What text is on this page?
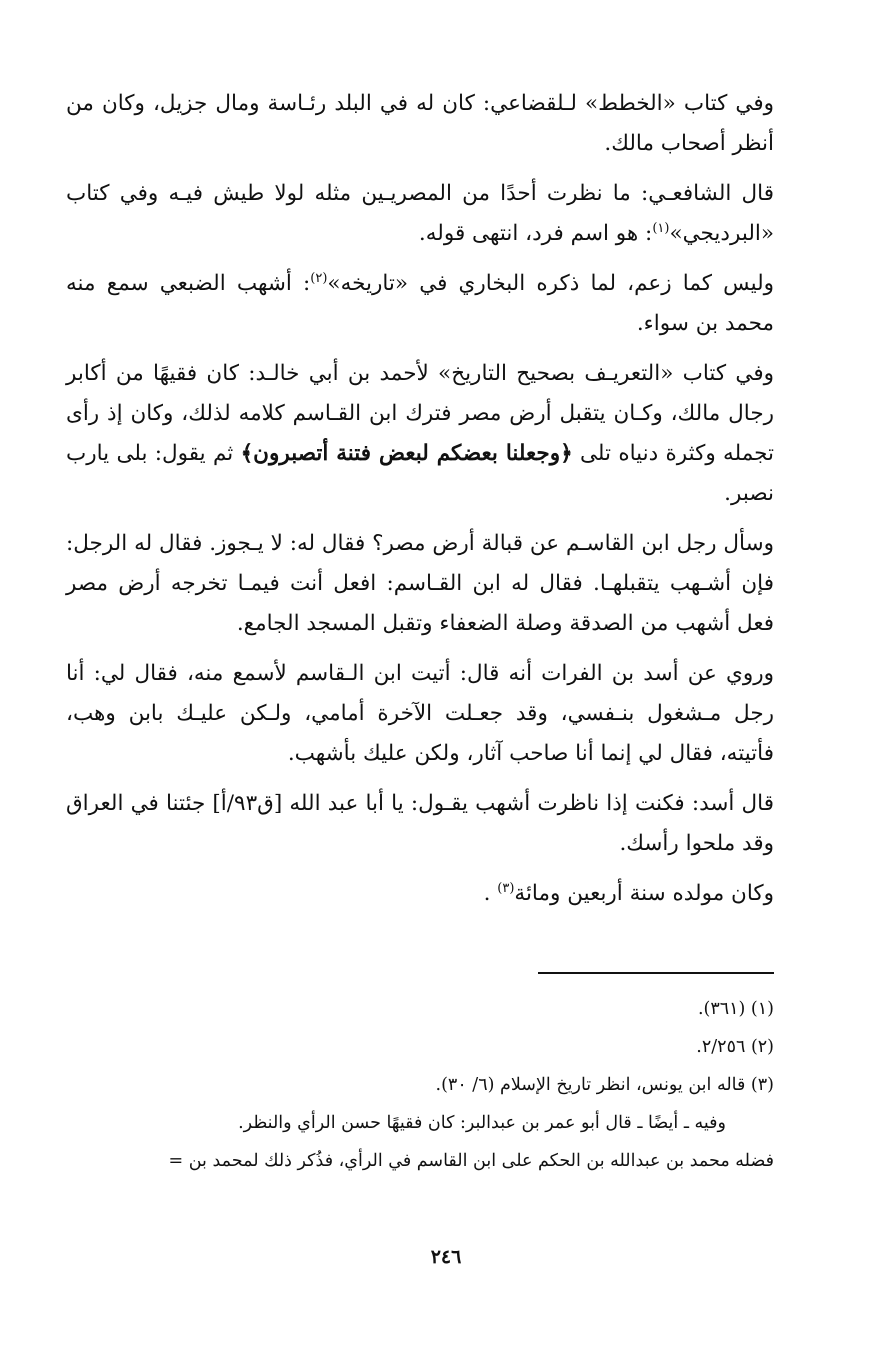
وفي كتاب «الخطط» لـلقضاعي: كان له في البلد رئـاسة ومال جزيل، وكان من أنظر أصحاب مالك.

قال الشافعـي: ما نظرت أحدًا من المصريـين مثله لولا طيش فيـه وفي كتاب «البرديجي»$^{(١)}$: هو اسم فرد، انتهى قوله.

وليس كما زعم، لما ذكره البخاري في «تاريخه»$^{(٢)}$: أشهب الضبعي سمع منه محمد بن سواء.

وفي كتاب «التعريـف بصحيح التاريخ» لأحمد بن أبي خالـد: كان فقيهًا من أكابر رجال مالك، وكـان يتقبل أرض مصر فترك ابن القـاسم كلامه لذلك، وكان إذ رأى تجمله وكثرة دنياه تلى ﴿وجعلنا بعضكم لبعض فتنة أتصبرون﴾ ثم يقول: بلى يارب نصبر.

وسأل رجل ابن القاسـم عن قبالة أرض مصر؟ فقال له: لا يـجوز. فقال له الرجل: فإن أشـهب يتقبلهـا. فقال له ابن القـاسم: افعل أنت فيمـا تخرجه أرض مصر فعل أشهب من الصدقة وصلة الضعفاء وتقبل المسجد الجامع.

وروي عن أسد بن الفرات أنه قال: أتيت ابن الـقاسم لأسمع منه، فقال لي: أنا رجل مـشغول بنـفسي، وقد جعـلت الآخرة أمامي، ولـكن عليـك بابن وهب، فأتيته، فقال لي إنما أنا صاحب آثار، ولكن عليك بأشهب.

قال أسد: فكنت إذا ناظرت أشهب يقـول: يا أبا عبد الله [ق٩٣/أ] جئتنا في العراق وقد ملحوا رأسك.

وكان مولده سنة أربعين ومائة$^{(٣)}$ .

(١) (٣٦١).

(٢) ٢/٢٥٦.

(٣) قاله ابن يونس، انظر تاريخ الإسلام (٦/ ٣٠).

وفيه ـ أيضًا ـ قال أبو عمر بن عبدالبر: كان فقيهًا حسن الرأي والنظر.

فضله محمد بن عبدالله بن الحكم على ابن القاسم في الرأي، فذُكر ذلك لمحمد بن =

٢٤٦
